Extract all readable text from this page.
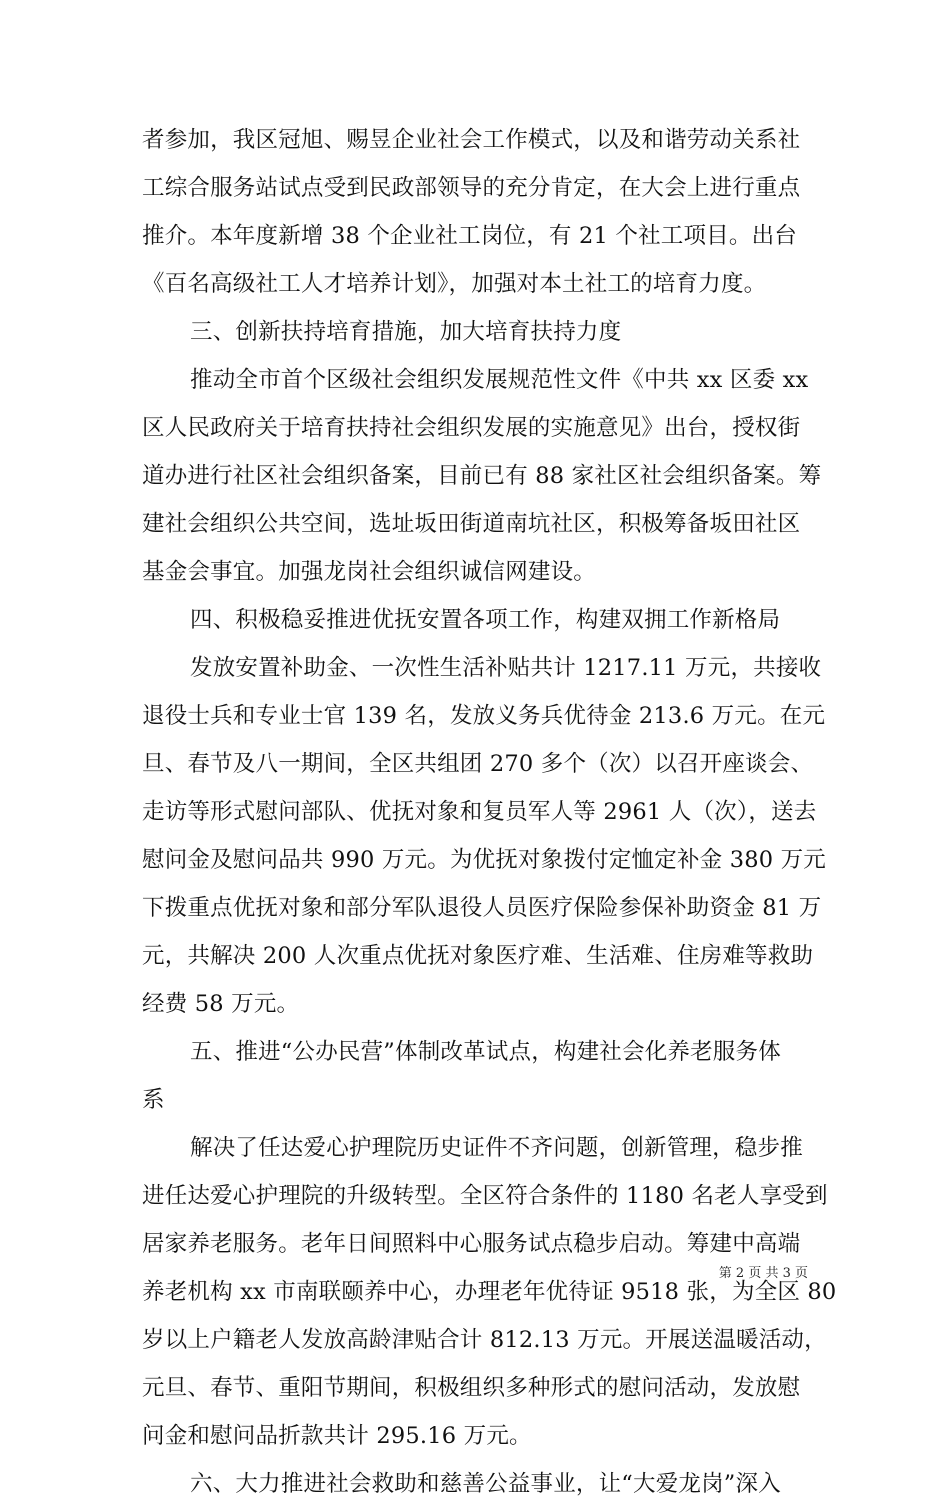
者参加，我区冠旭、赐昱企业社会工作模式，以及和谐劳动关系社
工综合服务站试点受到民政部领导的充分肯定，在大会上进行重点
推介。本年度新增 38 个企业社工岗位，有 21 个社工项目。出台
《百名高级社工人才培养计划》，加强对本土社工的培育力度。
三、创新扶持培育措施，加大培育扶持力度
推动全市首个区级社会组织发展规范性文件《中共 xx 区委 xx
区人民政府关于培育扶持社会组织发展的实施意见》出台，授权街
道办进行社区社会组织备案，目前已有 88 家社区社会组织备案。筹
建社会组织公共空间，选址坂田街道南坑社区，积极筹备坂田社区
基金会事宜。加强龙岗社会组织诚信网建设。
四、积极稳妥推进优抚安置各项工作，构建双拥工作新格局
发放安置补助金、一次性生活补贴共计 1217.11 万元，共接收
退役士兵和专业士官 139 名，发放义务兵优待金 213.6 万元。在元
旦、春节及八一期间，全区共组团 270 多个（次）以召开座谈会、
走访等形式慰问部队、优抚对象和复员军人等 2961 人（次），送去
慰问金及慰问品共 990 万元。为优抚对象拨付定恤定补金 380 万元
下拨重点优抚对象和部分军队退役人员医疗保险参保补助资金 81 万
元，共解决 200 人次重点优抚对象医疗难、生活难、住房难等救助
经费 58 万元。
五、推进“公办民营”体制改革试点，构建社会化养老服务体
系
解决了任达爱心护理院历史证件不齐问题，创新管理，稳步推
进任达爱心护理院的升级转型。全区符合条件的 1180 名老人享受到
居家养老服务。老年日间照料中心服务试点稳步启动。筹建中高端
养老机构 xx 市南联颐养中心，办理老年优待证 9518 张，为全区 80
岁以上户籍老人发放高龄津贴合计 812.13 万元。开展送温暖活动，
元旦、春节、重阳节期间，积极组织多种形式的慰问活动，发放慰
问金和慰问品折款共计 295.16 万元。
六、大力推进社会救助和慈善公益事业，让“大爱龙岗”深入
第 2 页 共 3 页
